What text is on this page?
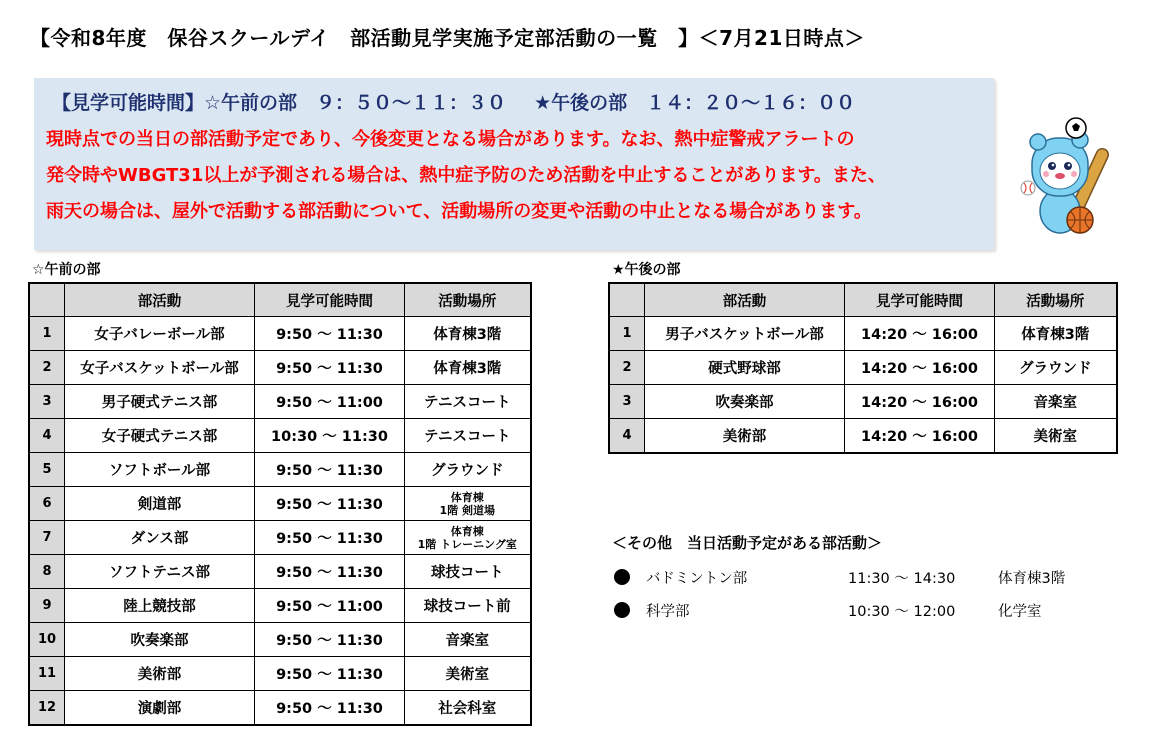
【令和8年度　保谷スクールデイ　部活動見学実施予定部活動の一覧　】＜7月21日時点＞
【見学可能時間】☆午前の部　９：５０～１１：３０ ★午後の部　１４：２０～１６：００
現時点での当日の部活動予定であり、今後変更となる場合があります。なお、熱中症警戒アラートの
発令時やWBGT31以上が予測される場合は、熱中症予防のため活動を中止することがあります。また、
雨天の場合は、屋外で活動する部活動について、活動場所の変更や活動の中止となる場合があります。
☆午前の部
	部活動	見学可能時間	活動場所
1	女子バレーボール部	9:50 ～ 11:30	体育棟3階
2	女子バスケットボール部	9:50 ～ 11:30	体育棟3階
3	男子硬式テニス部	9:50 ～ 11:00	テニスコート
4	女子硬式テニス部	10:30 ～ 11:30	テニスコート
5	ソフトボール部	9:50 ～ 11:30	グラウンド
6	剣道部	9:50 ～ 11:30	体育棟
1階 剣道場

7	ダンス部	9:50 ～ 11:30	体育棟
1階 トレーニング室

8	ソフトテニス部	9:50 ～ 11:30	球技コート
9	陸上競技部	9:50 ～ 11:00	球技コート前
10	吹奏楽部	9:50 ～ 11:30	音楽室
11	美術部	9:50 ～ 11:30	美術室
12	演劇部	9:50 ～ 11:30	社会科室
★午後の部
	部活動	見学可能時間	活動場所
1	男子バスケットボール部	14:20 ～ 16:00	体育棟3階
2	硬式野球部	14:20 ～ 16:00	グラウンド
3	吹奏楽部	14:20 ～ 16:00	音楽室
4	美術部	14:20 ～ 16:00	美術室
＜その他　当日活動予定がある部活動＞
バドミントン部	11:30 ～ 14:30	体育棟3階
科学部	10:30 ～ 12:00	化学室
